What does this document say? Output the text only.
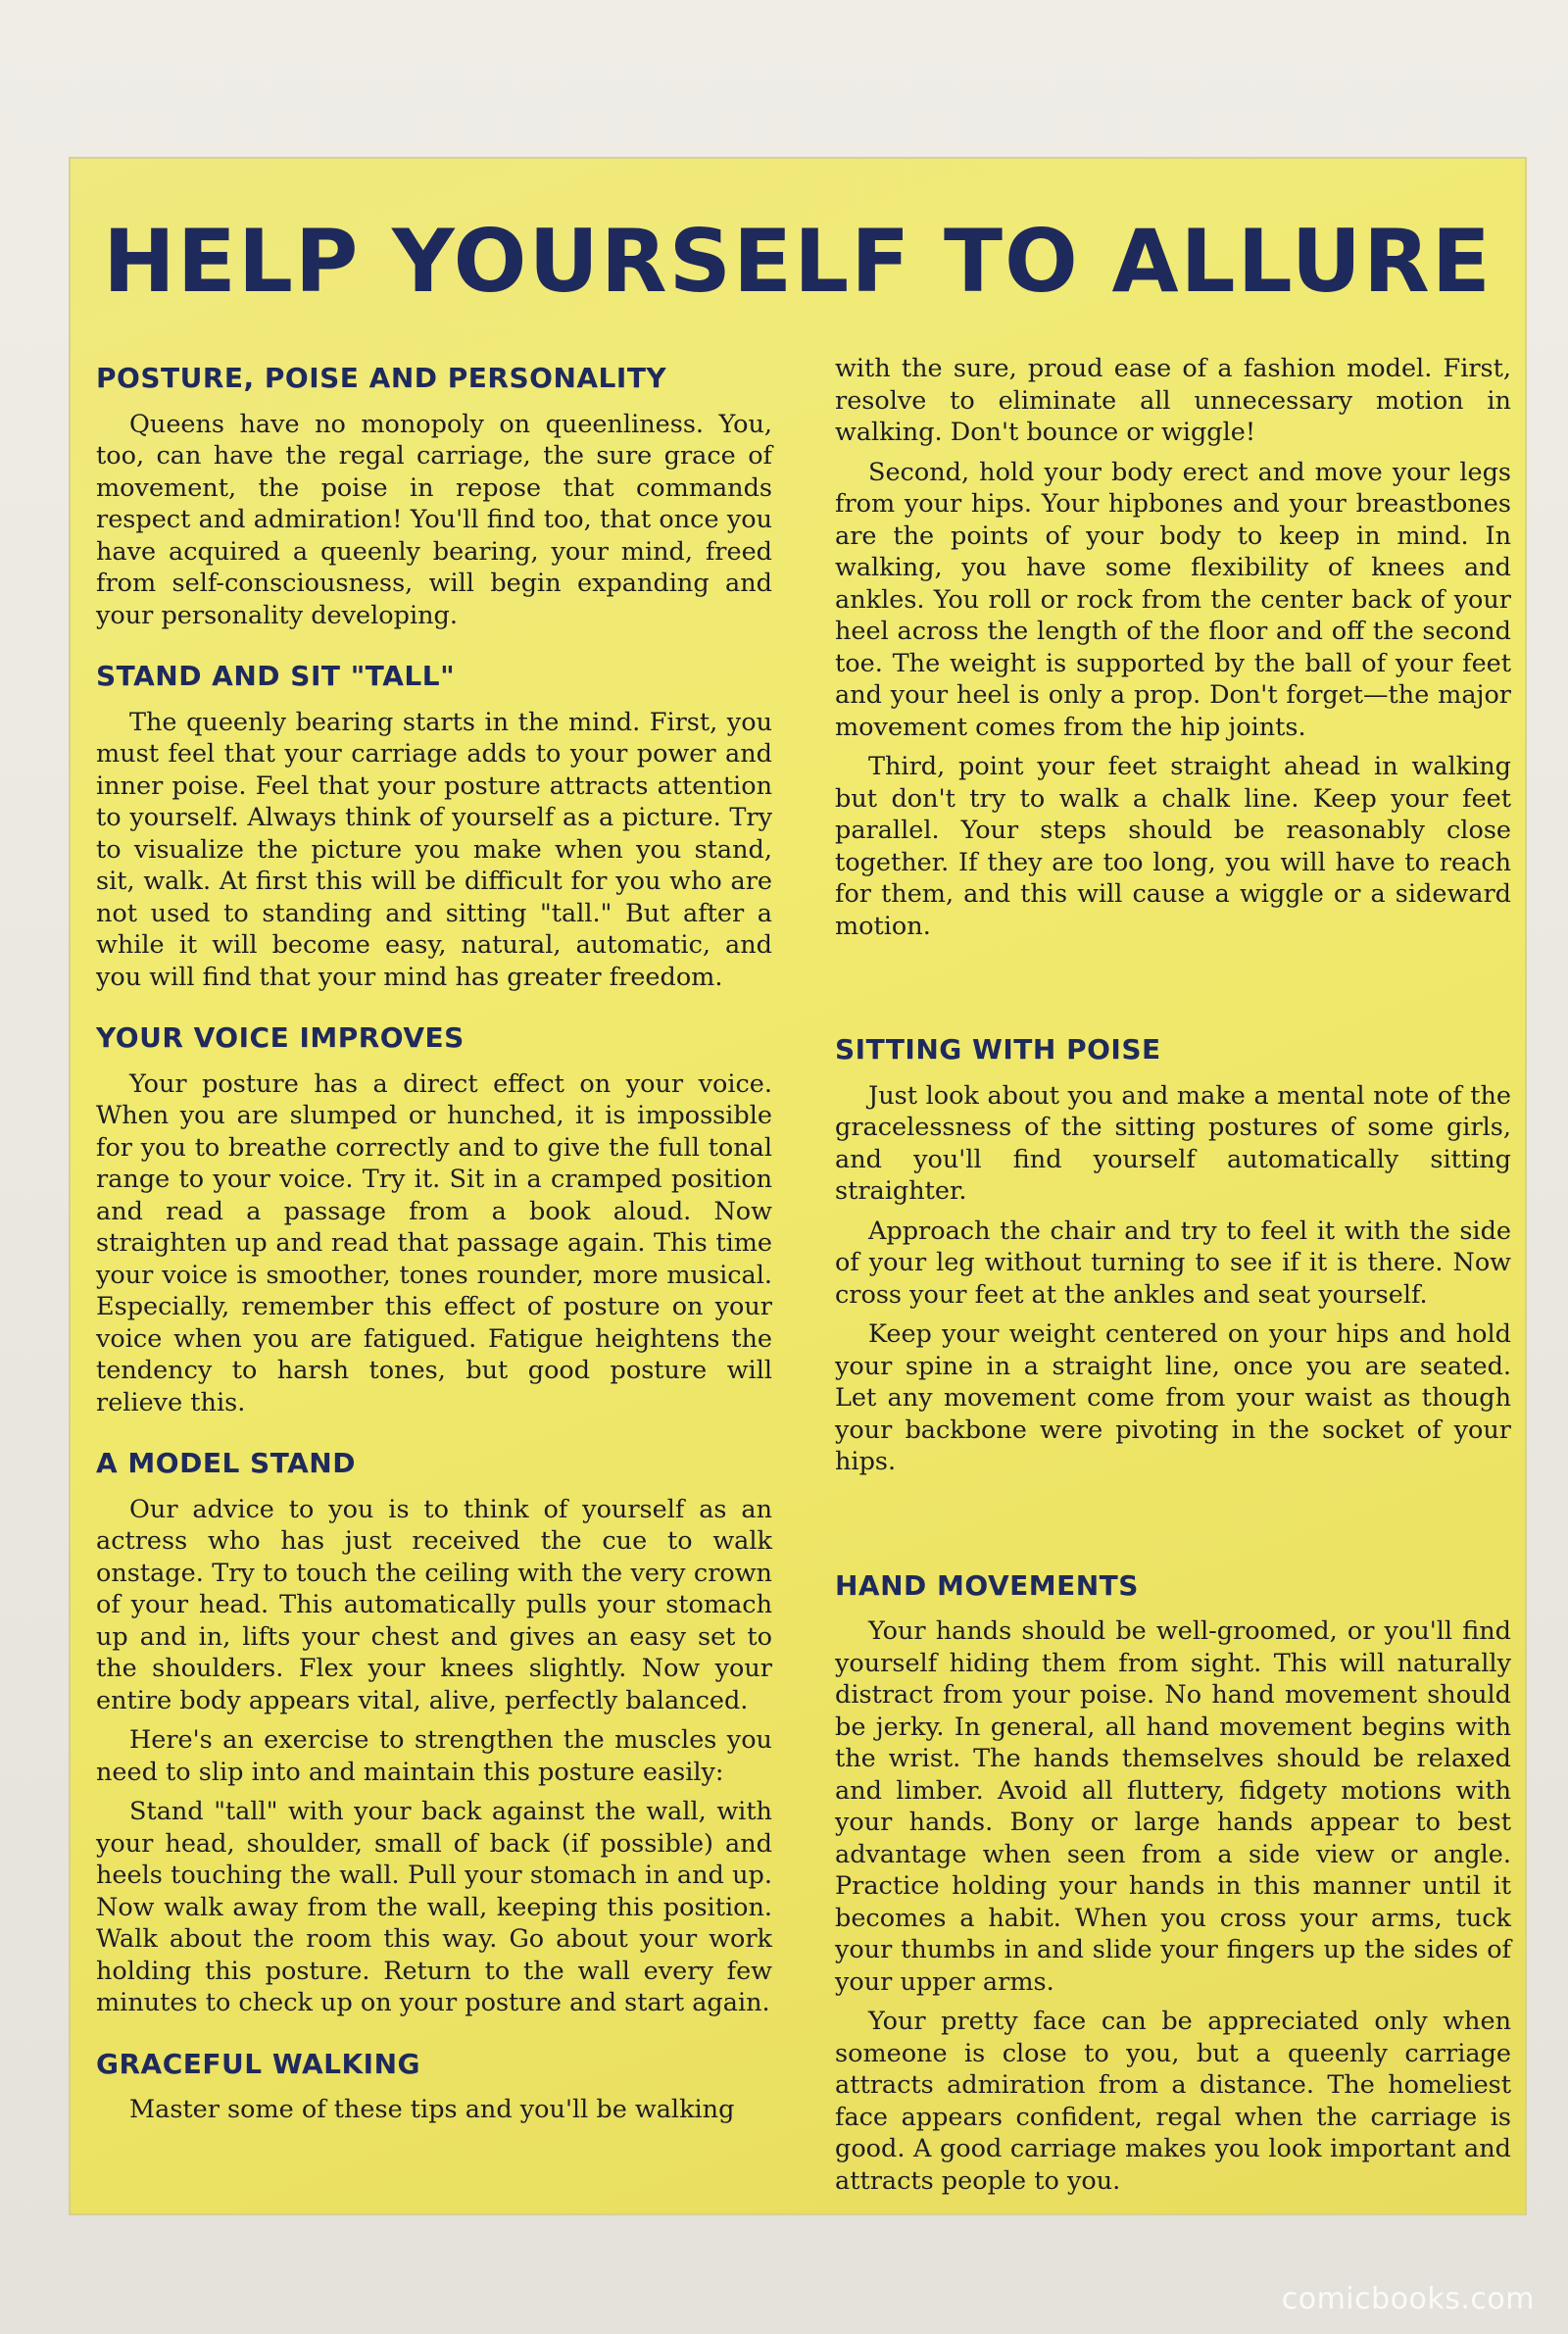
HELP YOURSELF TO ALLURE
POSTURE, POISE AND PERSONALITY

Queens have no monopoly on queenliness. You, too, can have the regal carriage, the sure grace of movement, the poise in repose that commands respect and admiration! You'll find too, that once you have acquired a queenly bearing, your mind, freed from self-consciousness, will begin expanding and your personality developing.

STAND AND SIT "TALL"

The queenly bearing starts in the mind. First, you must feel that your carriage adds to your power and inner poise. Feel that your posture attracts attention to yourself. Always think of yourself as a picture. Try to visualize the picture you make when you stand, sit, walk. At first this will be difficult for you who are not used to standing and sitting "tall." But after a while it will become easy, natural, automatic, and you will find that your mind has greater freedom.

YOUR VOICE IMPROVES

Your posture has a direct effect on your voice. When you are slumped or hunched, it is impossible for you to breathe correctly and to give the full tonal range to your voice. Try it. Sit in a cramped position and read a passage from a book aloud. Now straighten up and read that passage again. This time your voice is smoother, tones rounder, more musical. Especially, remember this effect of posture on your voice when you are fatigued. Fatigue heightens the tendency to harsh tones, but good posture will relieve this.

A MODEL STAND

Our advice to you is to think of yourself as an actress who has just received the cue to walk onstage. Try to touch the ceiling with the very crown of your head. This automatically pulls your stomach up and in, lifts your chest and gives an easy set to the shoulders. Flex your knees slightly. Now your entire body appears vital, alive, perfectly balanced.

Here's an exercise to strengthen the muscles you need to slip into and maintain this posture easily:

Stand "tall" with your back against the wall, with your head, shoulder, small of back (if possible) and heels touching the wall. Pull your stomach in and up. Now walk away from the wall, keeping this position. Walk about the room this way. Go about your work holding this posture. Return to the wall every few minutes to check up on your posture and start again.

GRACEFUL WALKING

Master some of these tips and you'll be walking

with the sure, proud ease of a fashion model. First, resolve to eliminate all unnecessary motion in walking. Don't bounce or wiggle!

Second, hold your body erect and move your legs from your hips. Your hipbones and your breastbones are the points of your body to keep in mind. In walking, you have some flexibility of knees and ankles. You roll or rock from the center back of your heel across the length of the floor and off the second toe. The weight is supported by the ball of your feet and your heel is only a prop. Don't forget—the major movement comes from the hip joints.

Third, point your feet straight ahead in walking but don't try to walk a chalk line. Keep your feet parallel. Your steps should be reasonably close together. If they are too long, you will have to reach for them, and this will cause a wiggle or a sideward motion.

SITTING WITH POISE

Just look about you and make a mental note of the gracelessness of the sitting postures of some girls, and you'll find yourself automatically sitting straighter.

Approach the chair and try to feel it with the side of your leg without turning to see if it is there. Now cross your feet at the ankles and seat yourself.

Keep your weight centered on your hips and hold your spine in a straight line, once you are seated. Let any movement come from your waist as though your backbone were pivoting in the socket of your hips.

HAND MOVEMENTS

Your hands should be well-groomed, or you'll find yourself hiding them from sight. This will naturally distract from your poise. No hand movement should be jerky. In general, all hand movement begins with the wrist. The hands themselves should be relaxed and limber. Avoid all fluttery, fidgety motions with your hands. Bony or large hands appear to best advantage when seen from a side view or angle. Practice holding your hands in this manner until it becomes a habit. When you cross your arms, tuck your thumbs in and slide your fingers up the sides of your upper arms.

Your pretty face can be appreciated only when someone is close to you, but a queenly carriage attracts admiration from a distance. The homeliest face appears confident, regal when the carriage is good. A good carriage makes you look important and attracts people to you.

comicbooks.com
